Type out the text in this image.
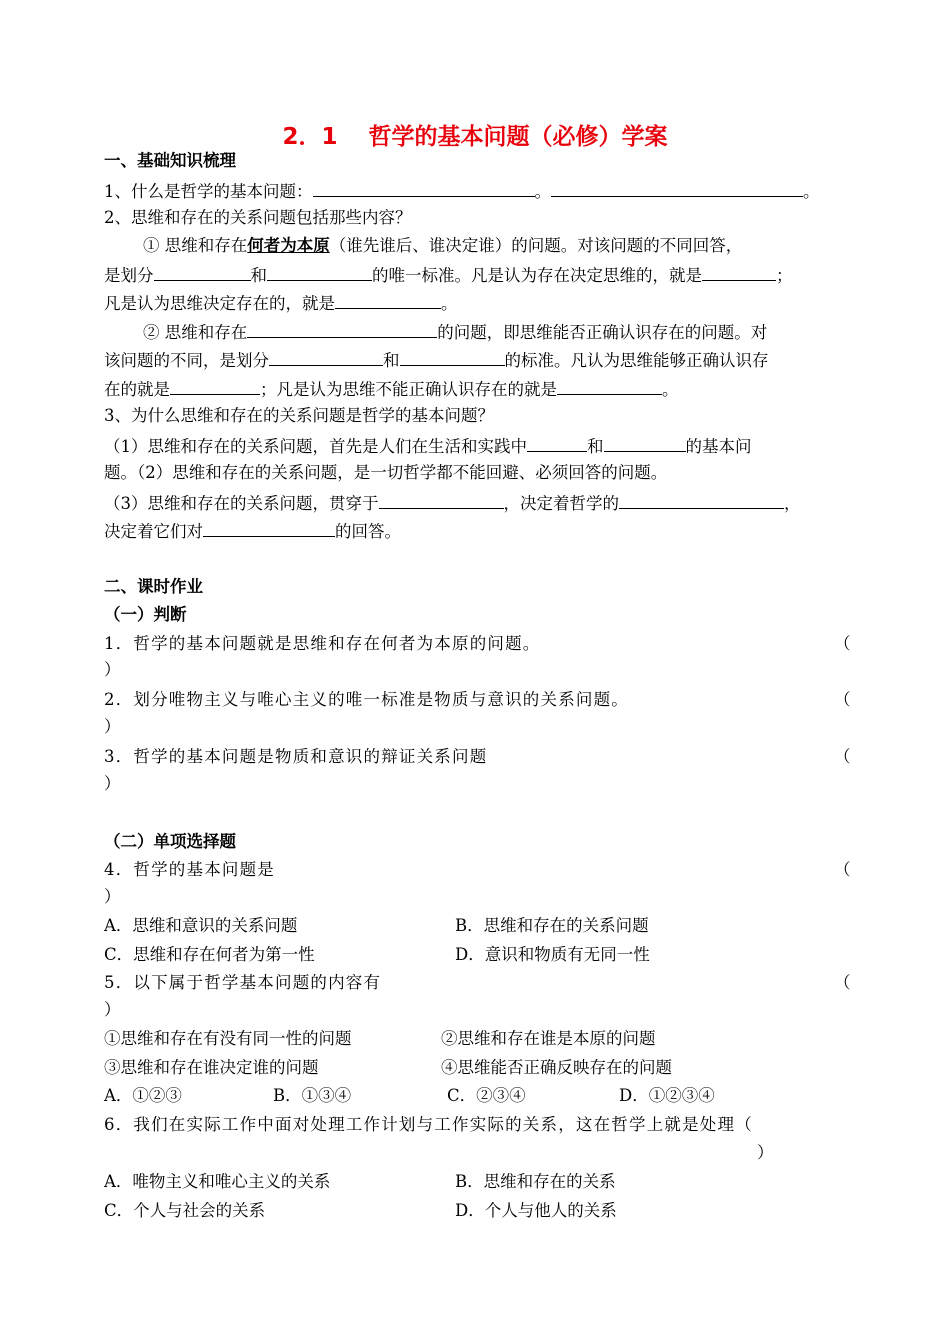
2．1　 哲学的基本问题（必修）学案
一、基础知识梳理
1、什么是哲学的基本问题：	。	。
2、思维和存在的关系问题包括那些内容？
① 思维和存在何者为本原（谁先谁后、谁决定谁）的问题。对该问题的不同回答，
是划分	和	的唯一标准。凡是认为存在决定思维的，就是	；
凡是认为思维决定存在的，就是	。
② 思维和存在	的问题，即思维能否正确认识存在的问题。对
该问题的不同，是划分	和	的标准。凡认为思维能够正确认识存
在的就是	；凡是认为思维不能正确认识存在的就是	。
3、为什么思维和存在的关系问题是哲学的基本问题？
（1）思维和存在的关系问题，首先是人们在生活和实践中	和	的基本问
题。（2）思维和存在的关系问题，是一切哲学都不能回避、必须回答的问题。
（3）思维和存在的关系问题，贯穿于	，决定着哲学的	，
决定着它们对	的回答。
二、课时作业
（一）判断
1．哲学的基本问题就是思维和存在何者为本原的问题。	（
）
2．划分唯物主义与唯心主义的唯一标准是物质与意识的关系问题。	（
）
3．哲学的基本问题是物质和意识的辩证关系问题	（
）
（二）单项选择题
4．哲学的基本问题是	（
）
A．思维和意识的关系问题	B．思维和存在的关系问题
C．思维和存在何者为第一性	D．意识和物质有无同一性
5．以下属于哲学基本问题的内容有	（
）
①思维和存在有没有同一性的问题	②思维和存在谁是本原的问题
③思维和存在谁决定谁的问题	④思维能否正确反映存在的问题
A．①②③	B．①③④	C．②③④	D．①②③④
6．我们在实际工作中面对处理工作计划与工作实际的关系，这在哲学上就是处理（
）
A．唯物主义和唯心主义的关系	B．思维和存在的关系
C．个人与社会的关系	D．个人与他人的关系
